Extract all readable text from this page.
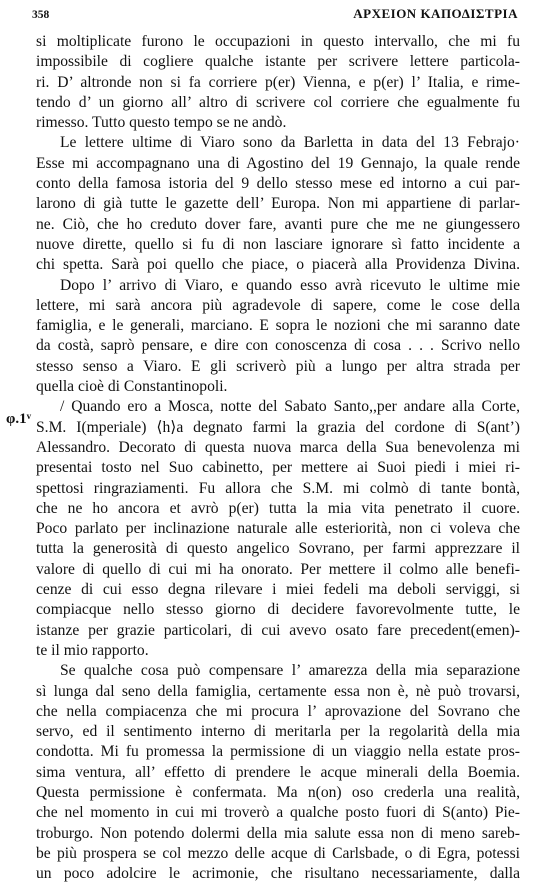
358	ΑΡΧΕΙΟΝ ΚΑΠΟΔΙΣΤΡΙΑ
φ.1ᵛ
si moltiplicate furono le occupazioni in questo intervallo, che mi fu
impossibile di cogliere qualche istante per scrivere lettere particola-
ri. D’ altronde non si fa corriere p(er) Vienna, e p(er) l’ Italia, e rime-
tendo d’ un giorno all’ altro di scrivere col corriere che egualmente fu
rimesso. Tutto questo tempo se ne andò.
Le lettere ultime di Viaro sono da Barletta in data del 13 Febrajo·
Esse mi accompagnano una di Agostino del 19 Gennajo, la quale rende
conto della famosa istoria del 9 dello stesso mese ed intorno a cui par-
larono di già tutte le gazette dell’ Europa. Non mi appartiene di parlar-
ne. Ciò, che ho creduto dover fare, avanti pure che me ne giungessero
nuove dirette, quello si fu di non lasciare ignorare sì fatto incidente a
chi spetta. Sarà poi quello che piace, o piacerà alla Providenza Divina.
Dopo l’ arrivo di Viaro, e quando esso avrà ricevuto le ultime mie
lettere, mi sarà ancora più agradevole di sapere, come le cose della
famiglia, e le generali, marciano. E sopra le nozioni che mi saranno date
da costà, saprò pensare, e dire con conoscenza di cosa . . . Scrivo nello
stesso senso a Viaro. E gli scriverò più a lungo per altra strada per
quella cioè di Constantinopoli.
/ Quando ero a Mosca, notte del Sabato Santo,,per andare alla Corte,
S.M. I(mperiale) ⟨h⟩a degnato farmi la grazia del cordone di S(ant’)
Alessandro. Decorato di questa nuova marca della Sua benevolenza mi
presentai tosto nel Suo cabinetto, per mettere ai Suoi piedi i miei ri-
spettosi ringraziamenti. Fu allora che S.M. mi colmò di tante bontà,
che ne ho ancora et avrò p(er) tutta la mia vita penetrato il cuore.
Poco parlato per inclinazione naturale alle esteriorità, non ci voleva che
tutta la generosità di questo angelico Sovrano, per farmi apprezzare il
valore di quello di cui mi ha onorato. Per mettere il colmo alle benefi-
cenze di cui esso degna rilevare i miei fedeli ma deboli serviggi, si
compiacque nello stesso giorno di decidere favorevolmente tutte, le
istanze per grazie particolari, di cui avevo osato fare precedent(emen)-
te il mio rapporto.
Se qualche cosa può compensare l’ amarezza della mia separazione
sì lunga dal seno della famiglia, certamente essa non è, nè può trovarsi,
che nella compiacenza che mi procura l’ aprovazione del Sovrano che
servo, ed il sentimento interno di meritarla per la regolarità della mia
condotta. Mi fu promessa la permissione di un viaggio nella estate pros-
sima ventura, all’ effetto di prendere le acque minerali della Boemia.
Questa permissione è confermata. Ma n(on) oso crederla una realità,
che nel momento in cui mi troverò a qualche posto fuori di S(anto) Pie-
troburgo. Non potendo dolermi della mia salute essa non di meno sareb-
be più prospera se col mezzo delle acque di Carlsbade, o di Egra, potessi
un poco adolcire le acrimonie, che risultano necessariamente, dalla
